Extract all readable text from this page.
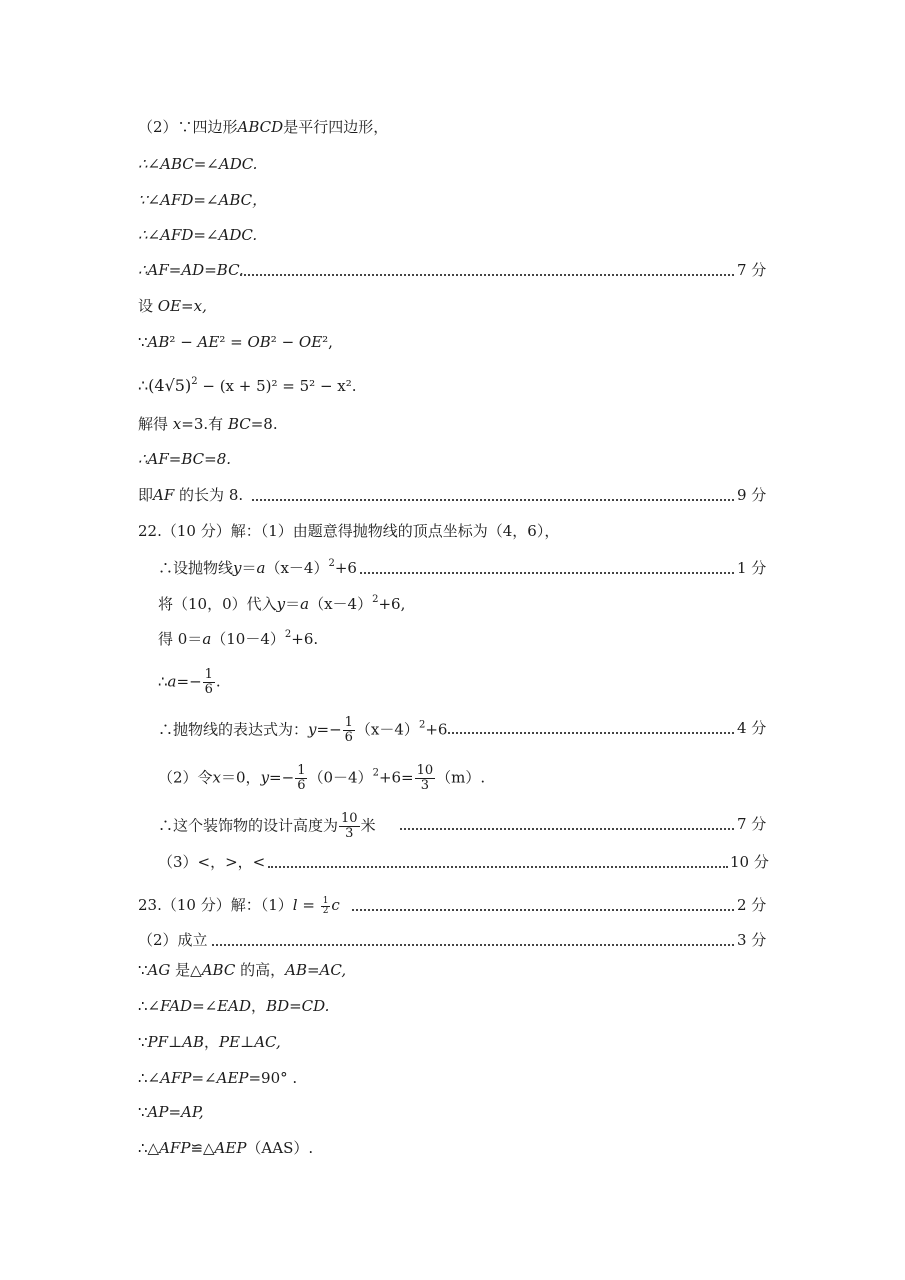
（2）∵四边形ABCD是平行四边形，
∴∠ABC=∠ADC.
∵∠AFD=∠ABC，
∴∠AFD=∠ADC.
∴AF=AD=BC.	7 分
设 OE=x,
∵AB² − AE² = OB² − OE²,
$\therefore(4√5)^2 - (x + 5)^2 = 5^2 - x^2$.
解得 x=3.有 BC=8.
∴AF=BC=8.
即AF 的长为 8.	9 分
22.（10 分）解：（1）由题意得抛物线的顶点坐标为（4，6），
∴设抛物线$y=a(x-4)^2+6$	1 分
将（10，0）代入$y=a(x-4)^2+6$,
得 $0=a(10-4)^2+6$.
∴a=− $\frac{1}{6}$ .
∴抛物线的表达式为：$y=- \frac{1}{6} (x-4)^2+6$	4 分
（2）令x＝0，$y=- \frac{1}{6} (0-4)^2+6= \frac{10}{3} (m)$.
∴这个装饰物的设计高度为 $\frac{10}{3}$ 米	7 分
（3）<，>，<	10 分
23.（10 分）解：$(1)l = \frac{1}{2}$ c	2 分
（2）成立	3 分
∵AG 是△ABC 的高，AB=AC,
∴∠FAD=∠EAD，BD=CD.
∵PF⊥AB，PE⊥AC,
∴∠AFP=∠AEP=90° .
∵AP=AP,
∴△AFP≌△AEP（AAS）.
